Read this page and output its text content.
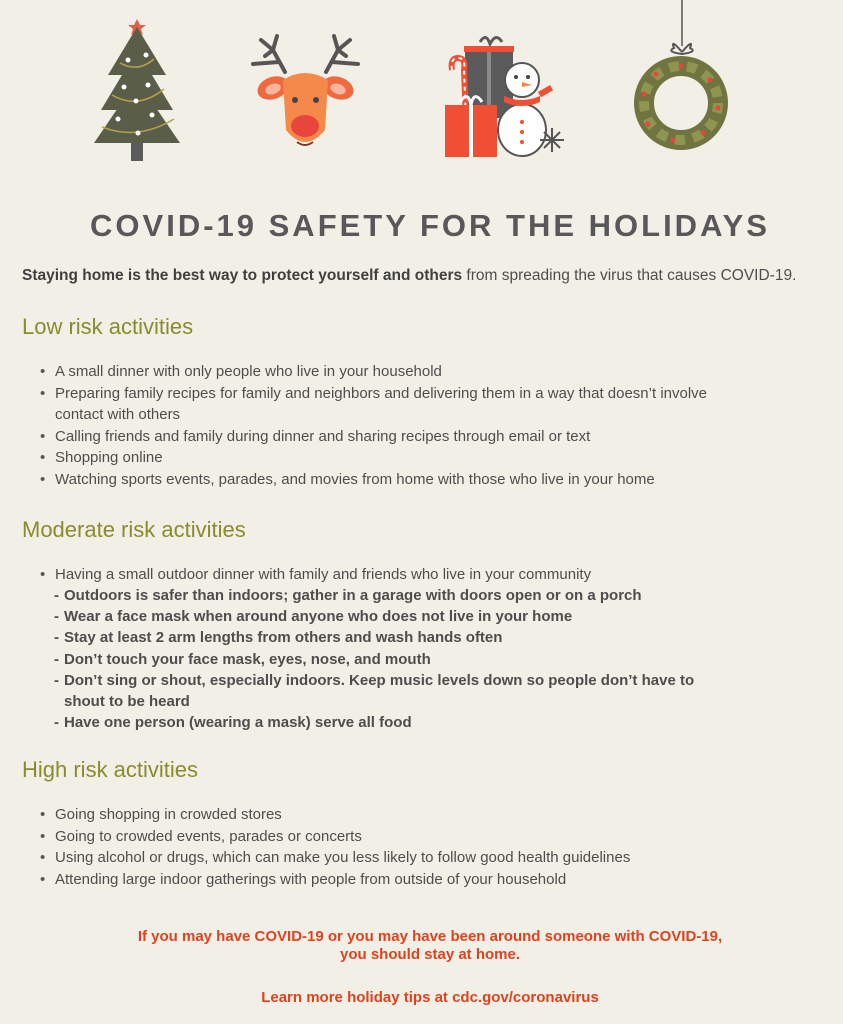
COVID-19 SAFETY FOR THE HOLIDAYS

Staying home is the best way to protect yourself and others from spreading the virus that causes COVID-19.

Low risk activities
• A small dinner with only people who live in your household
• Preparing family recipes for family and neighbors and delivering them in a way that doesn’t involve contact with others
• Calling friends and family during dinner and sharing recipes through email or text
• Shopping online
• Watching sports events, parades, and movies from home with those who live in your home
Moderate risk activities
• Having a small outdoor dinner with family and friends who live in your community
- Outdoors is safer than indoors; gather in a garage with doors open or on a porch
- Wear a face mask when around anyone who does not live in your home
- Stay at least 2 arm lengths from others and wash hands often
- Don’t touch your face mask, eyes, nose, and mouth
- Don’t sing or shout, especially indoors. Keep music levels down so people don’t have to shout to be heard
- Have one person (wearing a mask) serve all food
High risk activities
• Going shopping in crowded stores
• Going to crowded events, parades or concerts
• Using alcohol or drugs, which can make you less likely to follow good health guidelines
• Attending large indoor gatherings with people from outside of your household

If you may have COVID-19 or you may have been around someone with COVID-19,
you should stay at home.

Learn more holiday tips at cdc.gov/coronavirus
